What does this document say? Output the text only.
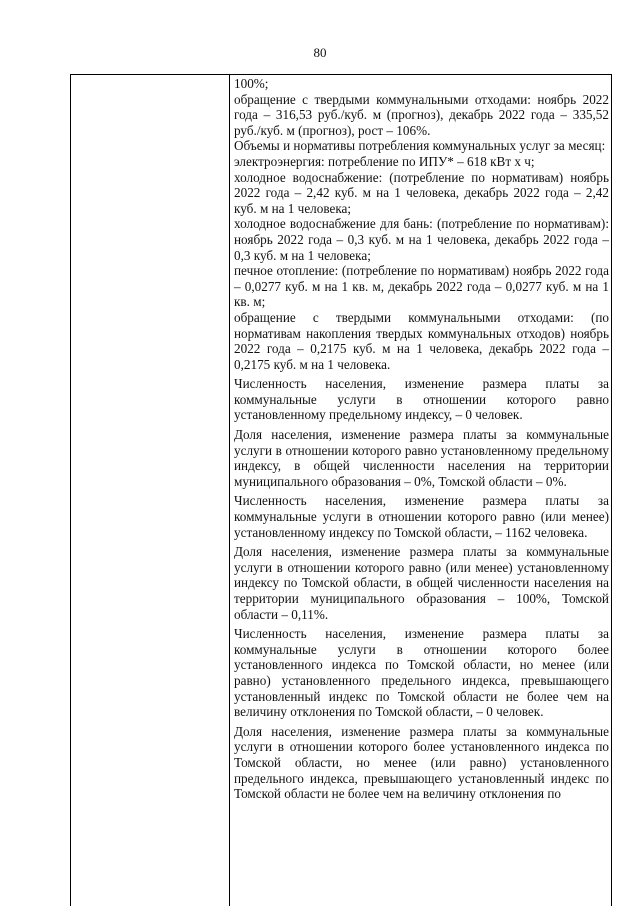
80

100%;

обращение с твердыми коммунальными отходами: ноябрь 2022 года – 316,53 руб./куб. м (прогноз), декабрь 2022 года – 335,52 руб./куб. м (прогноз), рост – 106%.

Объемы и нормативы потребления коммунальных услуг за месяц:

электроэнергия: потребление по ИПУ* – 618 кВт х ч;

холодное водоснабжение: (потребление по нормативам) ноябрь 2022 года – 2,42 куб. м на 1 человека, декабрь 2022 года – 2,42 куб. м на 1 человека;

холодное водоснабжение для бань: (потребление по нормативам): ноябрь 2022 года – 0,3 куб. м на 1 человека, декабрь 2022 года – 0,3 куб. м на 1 человека;

печное отопление: (потребление по нормативам) ноябрь 2022 года – 0,0277 куб. м на 1 кв. м, декабрь 2022 года – 0,0277 куб. м на 1 кв. м;

обращение с твердыми коммунальными отходами: (по нормативам накопления твердых коммунальных отходов) ноябрь 2022 года – 0,2175 куб. м на 1 человека, декабрь 2022 года – 0,2175 куб. м на 1 человека.

Численность населения, изменение размера платы за коммунальные услуги в отношении которого равно установленному предельному индексу, – 0 человек.

Доля населения, изменение размера платы за коммунальные услуги в отношении которого равно установленному предельному индексу, в общей численности населения на территории муниципального образования – 0%, Томской области – 0%.

Численность населения, изменение размера платы за коммунальные услуги в отношении которого равно (или менее) установленному индексу по Томской области, – 1162 человека.

Доля населения, изменение размера платы за коммунальные услуги в отношении которого равно (или менее) установленному индексу по Томской области, в общей численности населения на территории муниципального образования – 100%, Томской области – 0,11%.

Численность населения, изменение размера платы за коммунальные услуги в отношении которого более установленного индекса по Томской области, но менее (или равно) установленного предельного индекса, превышающего установленный индекс по Томской области не более чем на величину отклонения по Томской области, – 0 человек.

Доля населения, изменение размера платы за коммунальные услуги в отношении которого более установленного индекса по Томской области, но менее (или равно) установленного предельного индекса, превышающего установленный индекс по Томской области не более чем на величину отклонения по
